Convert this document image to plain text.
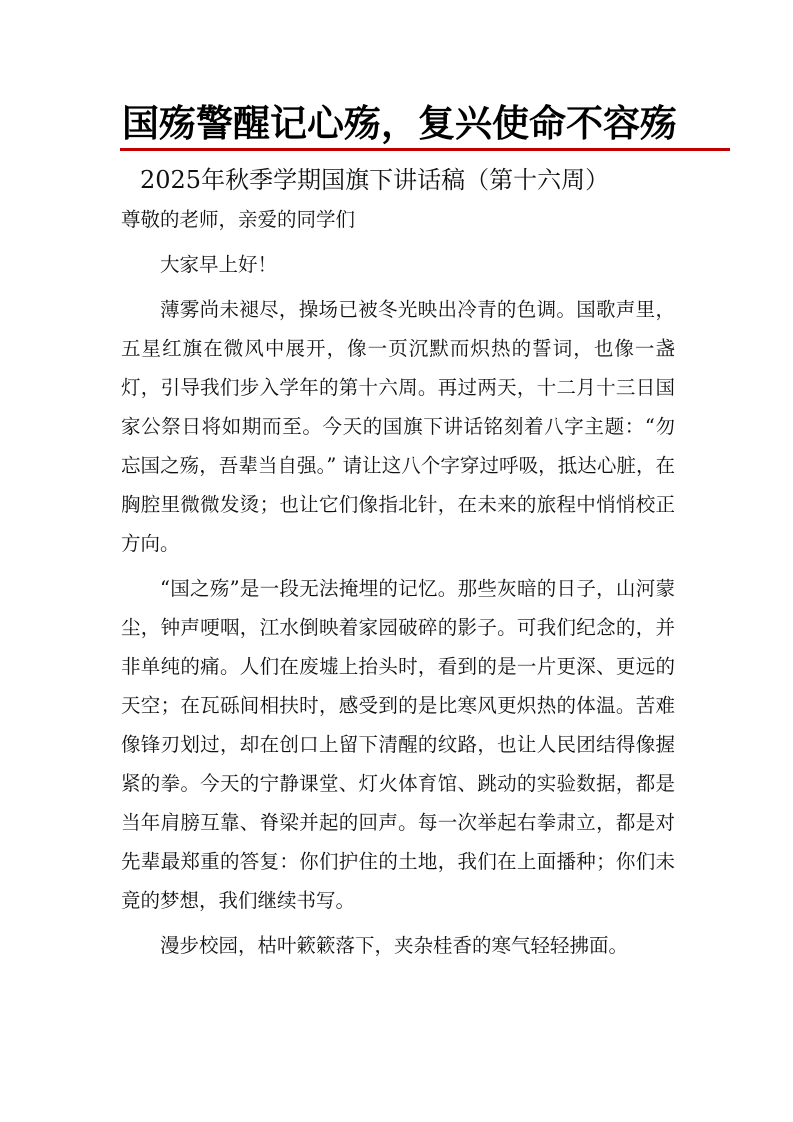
国殇警醒记心殇，复兴使命不容殇
2025年秋季学期国旗下讲话稿（第十六周）

尊敬的老师，亲爱的同学们

大家早上好！

薄雾尚未褪尽，操场已被冬光映出冷青的色调。国歌声里，五星红旗在微风中展开，像一页沉默而炽热的誓词，也像一盏灯，引导我们步入学年的第十六周。再过两天，十二月十三日国家公祭日将如期而至。今天的国旗下讲话铭刻着八字主题：“勿忘国之殇，吾辈当自强。” 请让这八个字穿过呼吸，抵达心脏，在胸腔里微微发烫；也让它们像指北针，在未来的旅程中悄悄校正方向。

“国之殇”是一段无法掩埋的记忆。那些灰暗的日子，山河蒙尘，钟声哽咽，江水倒映着家园破碎的影子。可我们纪念的，并非单纯的痛。人们在废墟上抬头时，看到的是一片更深、更远的天空；在瓦砾间相扶时，感受到的是比寒风更炽热的体温。苦难像锋刃划过，却在创口上留下清醒的纹路，也让人民团结得像握紧的拳。今天的宁静课堂、灯火体育馆、跳动的实验数据，都是当年肩膀互靠、脊梁并起的回声。每一次举起右拳肃立，都是对先辈最郑重的答复：你们护住的土地，我们在上面播种；你们未竟的梦想，我们继续书写。

漫步校园，枯叶簌簌落下，夹杂桂香的寒气轻轻拂面。
